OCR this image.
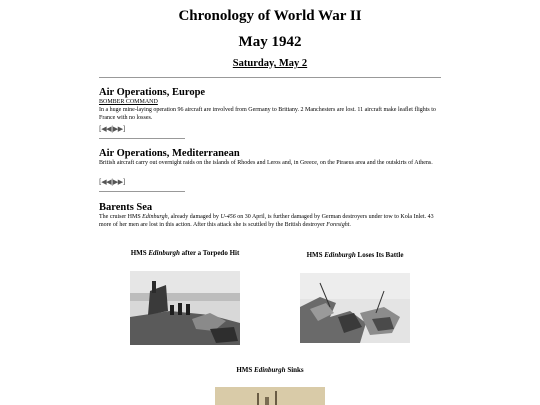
Chronology of World War II
May 1942
Saturday, May 2
Air Operations, Europe
BOMBER COMMAND
In a huge mine-laying operation 96 aircraft are involved from Germany to Brittany. 2 Manchesters are lost. 11 aircraft make leaflet flights to France with no losses.
[◀◀|▶▶]
Air Operations, Mediterranean
British aircraft carry out overnight raids on the islands of Rhodes and Leros and, in Greece, on the Piraeus area and the outskirts of Athens.
[◀◀|▶▶]
Barents Sea
The cruiser HMS Edinburgh, already damaged by U-456 on 30 April, is further damaged by German destroyers under tow to Kola Inlet. 43 more of her men are lost in this action. After this attack she is scuttled by the British destroyer Foresight.
HMS Edinburgh after a Torpedo Hit	HMS Edinburgh Loses Its Battle
HMS Edinburgh Sinks
